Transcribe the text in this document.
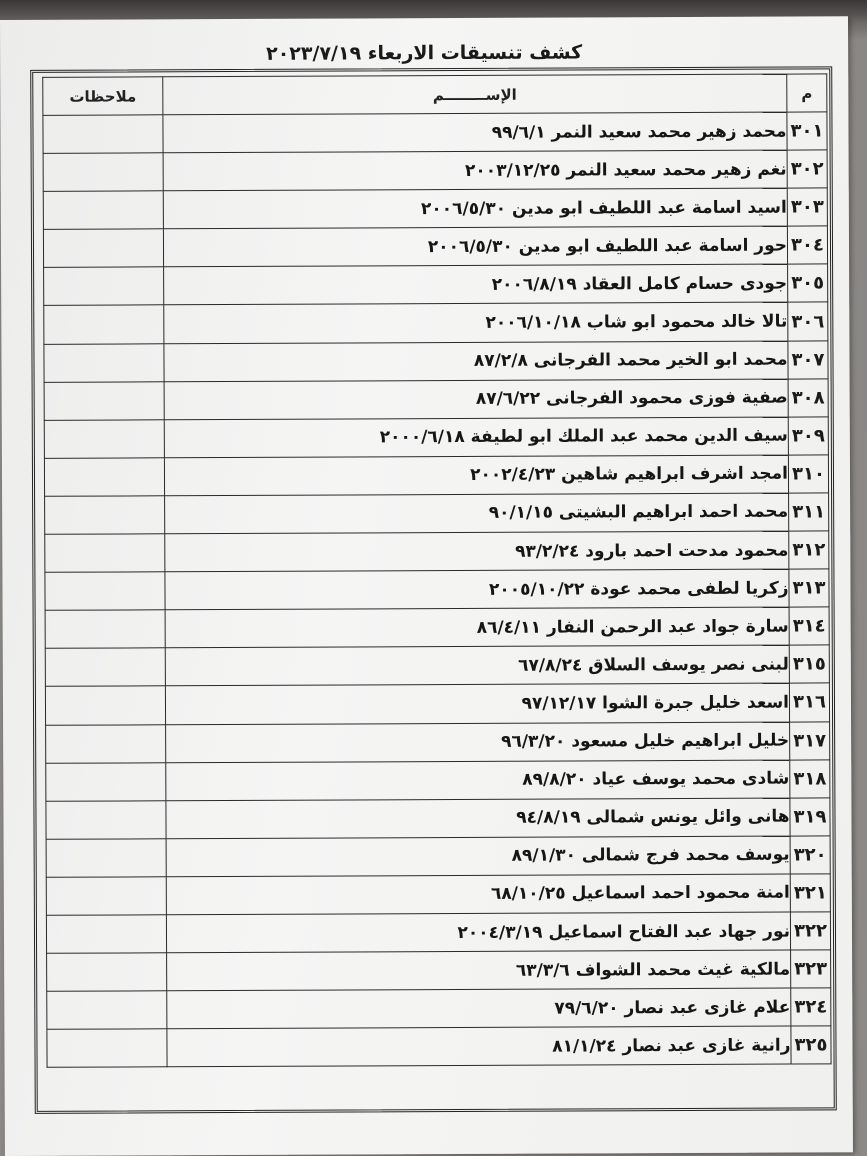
كشف تنسيقات الاربعاء ٢٠٢٣/٧/١٩
م	الإســــــــم	ملاحظات
٣٠١	محمد زهير محمد سعيد النمر ٩٩/٦/١	
٣٠٢	نغم زهير محمد سعيد النمر ٢٠٠٣/١٢/٢٥	
٣٠٣	اسيد اسامة عبد اللطيف ابو مدين ٢٠٠٦/٥/٣٠	
٣٠٤	حور اسامة عبد اللطيف ابو مدين ٢٠٠٦/٥/٣٠	
٣٠٥	جودى حسام كامل العقاد ٢٠٠٦/٨/١٩	
٣٠٦	تالا خالد محمود ابو شاب ٢٠٠٦/١٠/١٨	
٣٠٧	محمد ابو الخير محمد الفرجانى ٨٧/٢/٨	
٣٠٨	صفية فوزى محمود الفرجانى ٨٧/٦/٢٢	
٣٠٩	سيف الدين محمد عبد الملك ابو لطيفة ٢٠٠٠/٦/١٨	
٣١٠	امجد اشرف ابراهيم شاهين ٢٠٠٢/٤/٢٣	
٣١١	محمد احمد ابراهيم البشيتى ٩٠/١/١٥	
٣١٢	محمود مدحت احمد بارود ٩٣/٢/٢٤	
٣١٣	زكريا لطفى محمد عودة ٢٠٠٥/١٠/٢٢	
٣١٤	سارة جواد عبد الرحمن النفار ٨٦/٤/١١	
٣١٥	لبنى نصر يوسف السلاق ٦٧/٨/٢٤	
٣١٦	اسعد خليل جبرة الشوا ٩٧/١٢/١٧	
٣١٧	خليل ابراهيم خليل مسعود ٩٦/٣/٢٠	
٣١٨	شادى محمد يوسف عياد ٨٩/٨/٢٠	
٣١٩	هانى وائل يونس شمالى ٩٤/٨/١٩	
٣٢٠	يوسف محمد فرج شمالى ٨٩/١/٣٠	
٣٢١	امنة محمود احمد اسماعيل ٦٨/١٠/٢٥	
٣٢٢	نور جهاد عبد الفتاح اسماعيل ٢٠٠٤/٣/١٩	
٣٢٣	مالكية غيث محمد الشواف ٦٣/٣/٦	
٣٢٤	علام غازى عبد نصار ٧٩/٦/٢٠	
٣٢٥	رانية غازى عبد نصار ٨١/١/٢٤	
